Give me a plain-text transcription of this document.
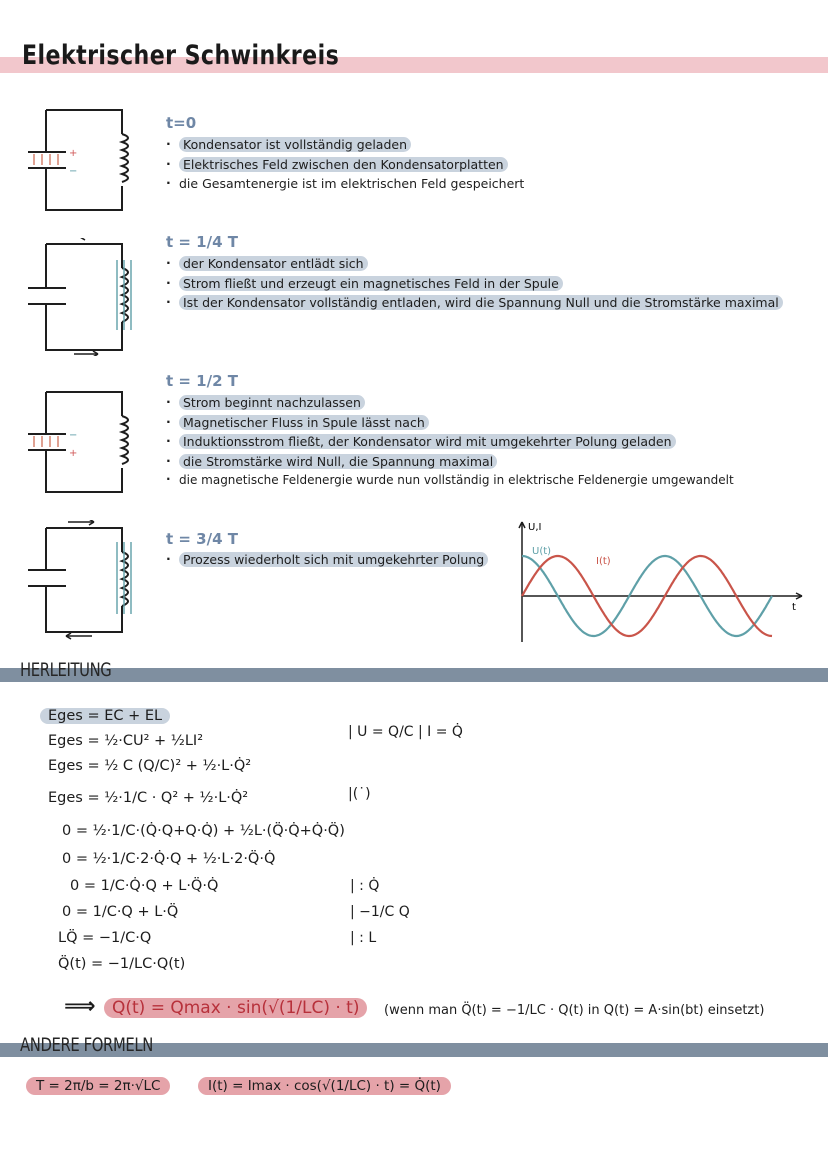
Elektrischer Schwinkreis
+
−
t=0
· Kondensator ist vollständig geladen
· Elektrisches Feld zwischen den Kondensatorplatten
· die Gesamtenergie ist im elektrischen Feld gespeichert
t = 1/4 T
· der Kondensator entlädt sich
· Strom fließt und erzeugt ein magnetisches Feld in der Spule
· Ist der Kondensator vollständig entladen, wird die Spannung Null und die Stromstärke maximal
−
+
t = 1/2 T
· Strom beginnt nachzulassen
· Magnetischer Fluss in Spule lässt nach
· Induktionsstrom fließt, der Kondensator wird mit umgekehrter Polung geladen
· die Stromstärke wird Null, die Spannung maximal
· die magnetische Feldenergie wurde nun vollständig in elektrische Feldenergie umgewandelt
t = 3/4 T
· Prozess wiederholt sich mit umgekehrter Polung
U,I
t
U(t)
I(t)
HERLEITUNG
Eges = EC + EL
Eges = ½·CU² + ½LI²
Eges = ½ C (Q/C)² + ½·L·Q̇²
Eges = ½·1/C · Q² + ½·L·Q̇²
0 = ½·1/C·(Q̇·Q+Q·Q̇) + ½L·(Q̈·Q̇+Q̇·Q̈)
0 = ½·1/C·2·Q̇·Q + ½·L·2·Q̈·Q̇
0 = 1/C·Q̇·Q + L·Q̈·Q̇
0 = 1/C·Q + L·Q̈
LQ̈ = −1/C·Q
Q̈(t) = −1/LC·Q(t)
| U = Q/C | I = Q̇
|(˙)
| : Q̇
| −1/C Q
| : L
⟹ Q(t) = Qmax · sin(√(1/LC) · t)	(wenn man Q̈(t) = −1/LC · Q(t) in Q(t) = A·sin(bt) einsetzt)
ANDERE FORMELN
T = 2π/b = 2π·√LC	I(t) = Imax · cos(√(1/LC) · t) = Q̇(t)
